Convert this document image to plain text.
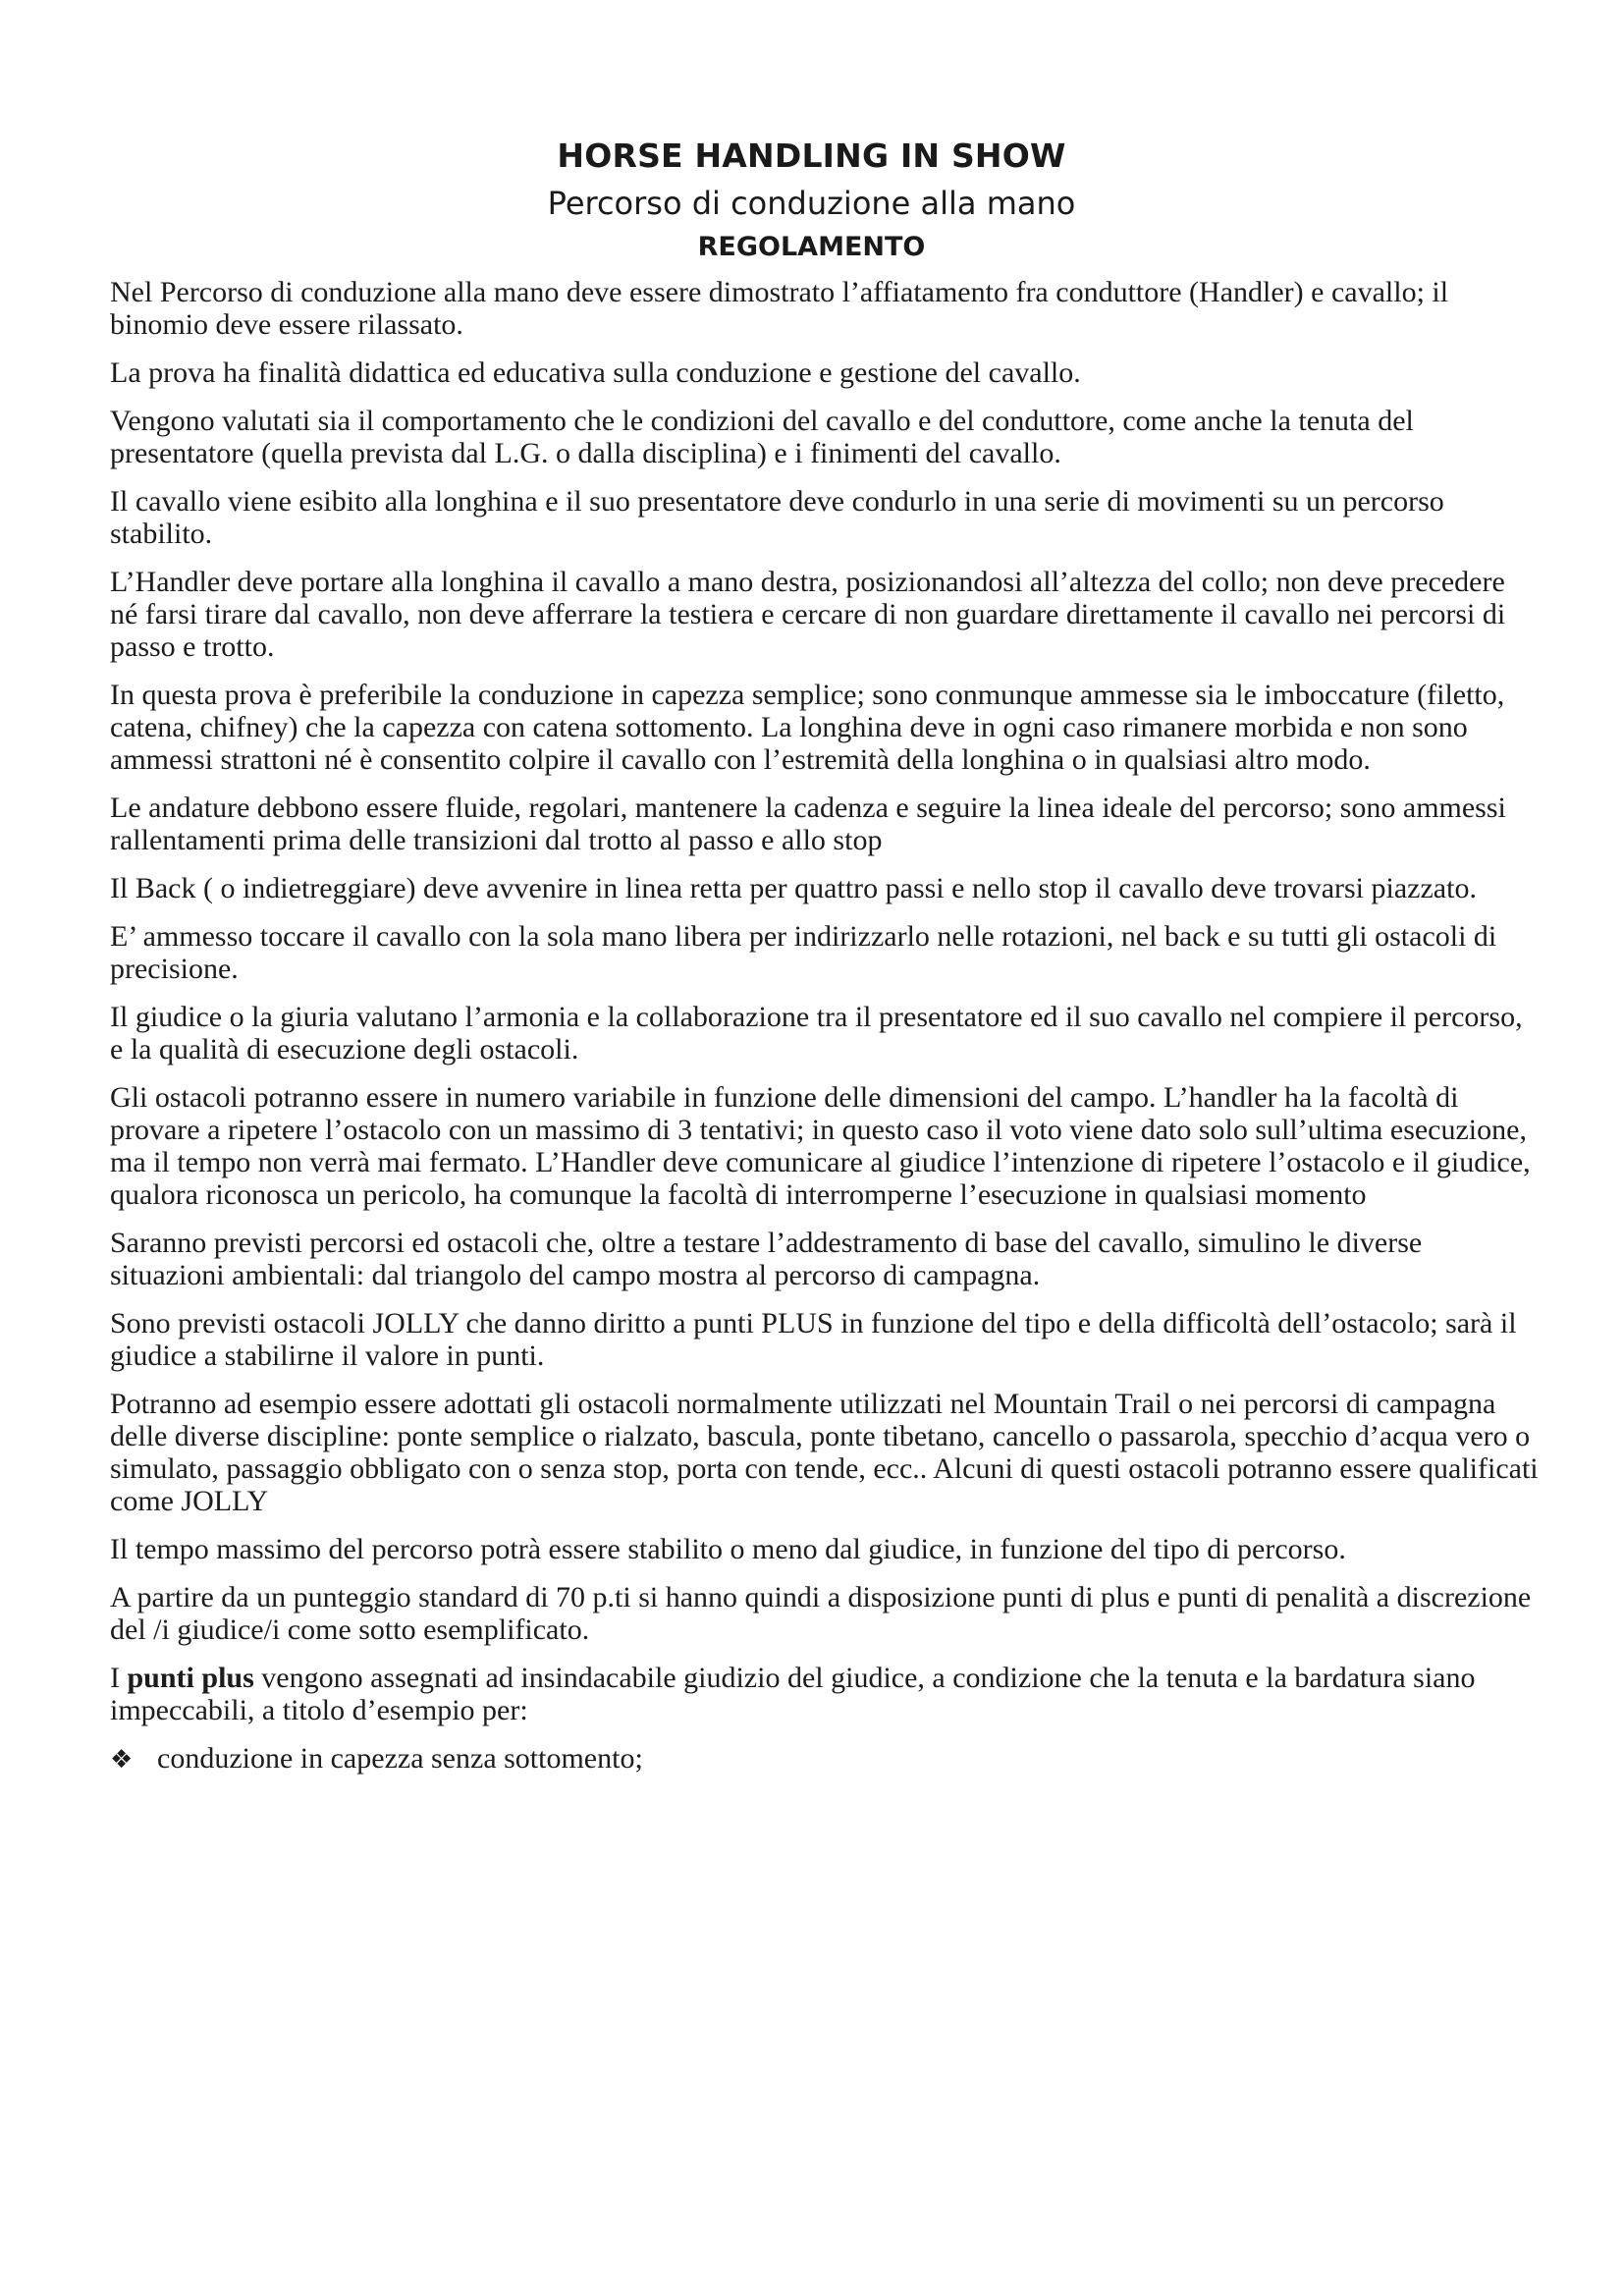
HORSE HANDLING IN SHOW
Percorso di conduzione alla mano
REGOLAMENTO

Nel Percorso di conduzione alla mano deve essere dimostrato l’affiatamento fra conduttore (Handler) e cavallo; il binomio deve essere rilassato.

La prova ha finalità didattica ed educativa sulla conduzione e gestione del cavallo.

Vengono valutati sia il comportamento che le condizioni del cavallo e del conduttore, come anche la tenuta del presentatore (quella prevista dal L.G. o dalla disciplina) e i finimenti del cavallo.

Il cavallo viene esibito alla longhina e il suo presentatore deve condurlo in una serie di movimenti su un percorso stabilito.

L’Handler deve portare alla longhina il cavallo a mano destra, posizionandosi all’altezza del collo; non deve precedere né farsi tirare dal cavallo, non deve afferrare la testiera e cercare di non guardare direttamente il cavallo nei percorsi di passo e trotto.

In questa prova è preferibile la conduzione in capezza semplice; sono conmunque ammesse sia le imboccature (filetto, catena, chifney) che la capezza con catena sottomento. La longhina deve in ogni caso rimanere morbida e non sono ammessi strattoni né è consentito colpire il cavallo con l’estremità della longhina o in qualsiasi altro modo.

Le andature debbono essere fluide, regolari, mantenere la cadenza e seguire la linea ideale del percorso; sono ammessi rallentamenti prima delle transizioni dal trotto al passo e allo stop

Il Back ( o indietreggiare) deve avvenire in linea retta per quattro passi e nello stop il cavallo deve trovarsi piazzato.

E’ ammesso toccare il cavallo con la sola mano libera per indirizzarlo nelle rotazioni, nel back e su tutti gli ostacoli di precisione.

Il giudice o la giuria valutano l’armonia e la collaborazione tra il presentatore ed il suo cavallo nel compiere il percorso, e la qualità di esecuzione degli ostacoli.

Gli ostacoli potranno essere in numero variabile in funzione delle dimensioni del campo. L’handler ha la facoltà di provare a ripetere l’ostacolo con un massimo di 3 tentativi; in questo caso il voto viene dato solo sull’ultima esecuzione, ma il tempo non verrà mai fermato. L’Handler deve comunicare al giudice l’intenzione di ripetere l’ostacolo e il giudice, qualora riconosca un pericolo, ha comunque la facoltà di interromperne l’esecuzione in qualsiasi momento

Saranno previsti percorsi ed ostacoli che, oltre a testare l’addestramento di base del cavallo, simulino le diverse situazioni ambientali: dal triangolo del campo mostra al percorso di campagna.

Sono previsti ostacoli JOLLY che danno diritto a punti PLUS in funzione del tipo e della difficoltà dell’ostacolo; sarà il giudice a stabilirne il valore in punti.

Potranno ad esempio essere adottati gli ostacoli normalmente utilizzati nel Mountain Trail o nei percorsi di campagna delle diverse discipline: ponte semplice o rialzato, bascula, ponte tibetano, cancello o passarola, specchio d’acqua vero o simulato, passaggio obbligato con o senza stop, porta con tende, ecc.. Alcuni di questi ostacoli potranno essere qualificati come JOLLY

Il tempo massimo del percorso potrà essere stabilito o meno dal giudice, in funzione del tipo di percorso.

A partire da un punteggio standard di 70 p.ti si hanno quindi a disposizione punti di plus e punti di penalità a discrezione del /i giudice/i come sotto esemplificato.

I punti plus vengono assegnati ad insindacabile giudizio del giudice, a condizione che la tenuta e la bardatura siano impeccabili, a titolo d’esempio per:

❖ conduzione in capezza senza sottomento;
